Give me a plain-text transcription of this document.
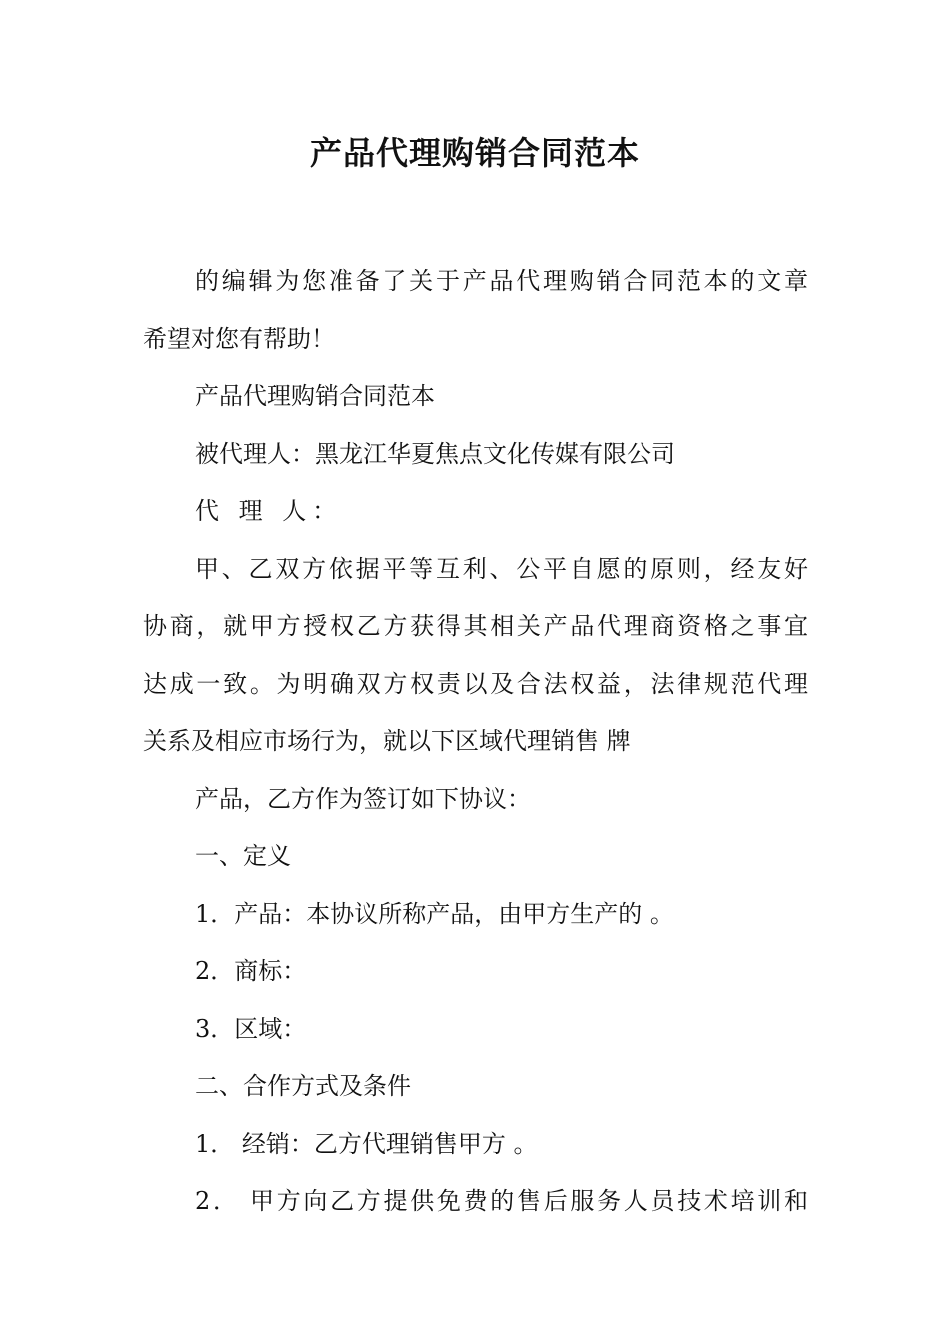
产品代理购销合同范本

的编辑为您准备了关于产品代理购销合同范本的文章

希望对您有帮助！

产品代理购销合同范本

被代理人：黑龙江华夏焦点文化传媒有限公司

代 理 人：

甲、乙双方依据平等互利、公平自愿的原则，经友好

协商，就甲方授权乙方获得其相关产品代理商资格之事宜

达成一致。为明确双方权责以及合法权益，法律规范代理

关系及相应市场行为，就以下区域代理销售 牌

产品，乙方作为签订如下协议：

一、定义

1．产品：本协议所称产品，由甲方生产的 。

2．商标：

3．区域：

二、合作方式及条件

1． 经销：乙方代理销售甲方 。

2． 甲方向乙方提供免费的售后服务人员技术培训和
